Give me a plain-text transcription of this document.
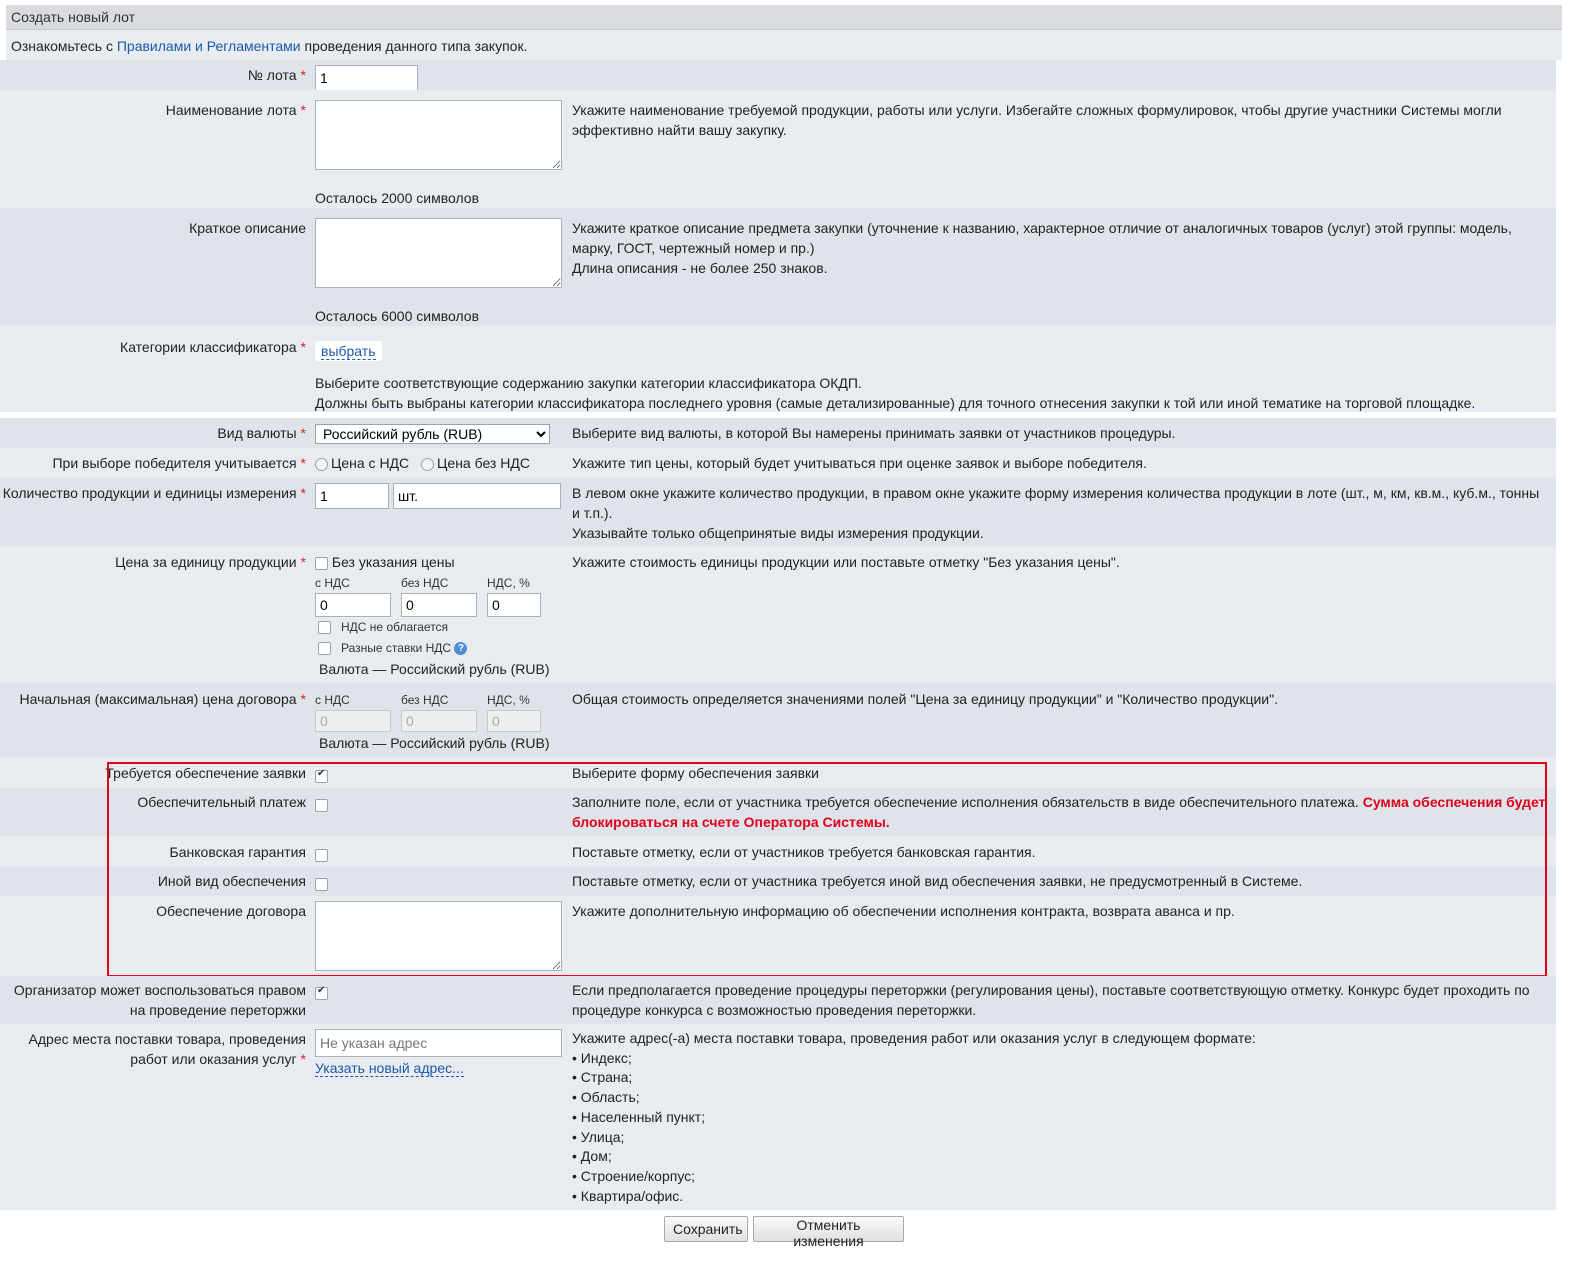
Создать новый лот
Ознакомьтесь с Правилами и Регламентами проведения данного типа закупок.
№ лота *
1
Наименование лота *
Осталось 2000 символов
Укажите наименование требуемой продукции, работы или услуги. Избегайте сложных формулировок, чтобы другие участники Системы могли эффективно найти вашу закупку.
Краткое описание
Осталось 6000 символов
Укажите краткое описание предмета закупки (уточнение к названию, характерное отличие от аналогичных товаров (услуг) этой группы: модель, марку, ГОСТ, чертежный номер и пр.)
Длина описания - не более 250 знаков.
Категории классификатора *	выбрать
Выберите соответствующие содержанию закупки категории классификатора ОКДП.
Должны быть выбраны категории классификатора последнего уровня (самые детализированные) для точного отнесения закупки к той или иной тематике на торговой площадке.
Вид валюты *
Российский рубль (RUB)	Выберите вид валюты, в которой Вы намерены принимать заявки от участников процедуры.
При выборе победителя учитывается *	Цена с НДС Цена без НДС	Укажите тип цены, который будет учитываться при оценке заявок и выборе победителя.
Количество продукции и единицы измерения *
1
шт.	В левом окне укажите количество продукции, в правом окне укажите форму измерения количества продукции в лоте (шт., м, км, кв.м., куб.м., тонны и т.п.).
Указывайте только общепринятые виды измерения продукции.
Цена за единицу продукции *	Без указания цены
с НДС	без НДС	НДС, %
0
0
0
НДС не облагается
Разные ставки НДС ?
Валюта — Российский рубль (RUB)
Укажите стоимость единицы продукции или поставьте отметку "Без указания цены".
Начальная (максимальная) цена договора * с НДС	без НДС	НДС, %
0
0
0
Валюта — Российский рубль (RUB)
Общая стоимость определяется значениями полей "Цена за единицу продукции" и "Количество продукции".
Требуется обеспечение заявки
✔	Выберите форму обеспечения заявки
Обеспечительный платеж	Заполните поле, если от участника требуется обеспечение исполнения обязательств в виде обеспечительного платежа. Сумма обеспечения будет блокироваться на счете Оператора Системы.
Банковская гарантия	Поставьте отметку, если от участников требуется банковская гарантия.
Иной вид обеспечения	Поставьте отметку, если от участника требуется иной вид обеспечения заявки, не предусмотренный в Системе.
Обеспечение договора	Укажите дополнительную информацию об обеспечении исполнения контракта, возврата аванса и пр.
Организатор может воспользоваться правом
на проведение переторжки
✔
Если предполагается проведение процедуры переторжки (регулирования цены), поставьте соответствующую отметку. Конкурс будет проходить по процедуре конкурса с возможностью проведения переторжки.
Адрес места поставки товара, проведения
работ или оказания услуг *
Не указан адрес
Указать новый адрес...
Укажите адрес(-а) места поставки товара, проведения работ или оказания услуг в следующем формате:
• Индекс;
• Страна;
• Область;
• Населенный пункт;
• Улица;
• Дом;
• Строение/корпус;
• Квартира/офис.
Сохранить	Отменить изменения
